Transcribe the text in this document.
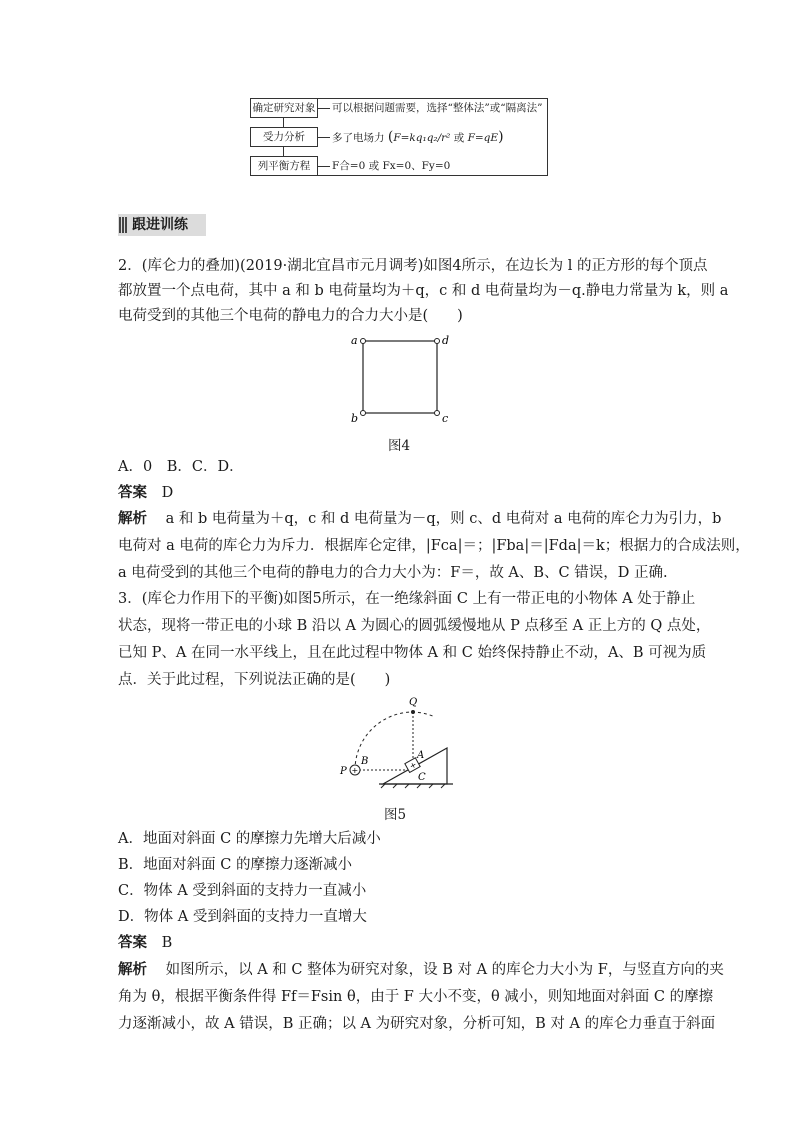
确定研究对象
受力分析
列平衡方程
可以根据问题需要，选择“整体法”或“隔离法”
多了电场力 (F=kq₁q₂/r² 或 F=qE)
F合=0 或 Fx=0、Fy=0
跟进训练
2．(库仑力的叠加)(2019·湖北宜昌市元月调考)如图4所示，在边长为 l 的正方形的每个顶点
都放置一个点电荷，其中 a 和 b 电荷量均为＋q，c 和 d 电荷量均为－q.静电力常量为 k，则 a
电荷受到的其他三个电荷的静电力的合力大小是(　　)
a	d
b	c
图4
A．0　B．C．D．
答案 D
解析 a 和 b 电荷量为＋q，c 和 d 电荷量为－q，则 c、d 电荷对 a 电荷的库仑力为引力，b
电荷对 a 电荷的库仑力为斥力．根据库仑定律，|Fca|＝；|Fba|＝|Fda|＝k；根据力的合成法则，
a 电荷受到的其他三个电荷的静电力的合力大小为：F＝，故 A、B、C 错误，D 正确.
3．(库仑力作用下的平衡)如图5所示，在一绝缘斜面 C 上有一带正电的小物体 A 处于静止
状态，现将一带正电的小球 B 沿以 A 为圆心的圆弧缓慢地从 P 点移至 A 正上方的 Q 点处，
已知 P、A 在同一水平线上，且在此过程中物体 A 和 C 始终保持静止不动，A、B 可视为质
点．关于此过程，下列说法正确的是(　　)
+
+
Q
P
B
A
C
图5
A．地面对斜面 C 的摩擦力先增大后减小
B．地面对斜面 C 的摩擦力逐渐减小
C．物体 A 受到斜面的支持力一直减小
D．物体 A 受到斜面的支持力一直增大
答案 B
解析 如图所示，以 A 和 C 整体为研究对象，设 B 对 A 的库仑力大小为 F，与竖直方向的夹
角为 θ，根据平衡条件得 Ff＝Fsin θ，由于 F 大小不变，θ 减小，则知地面对斜面 C 的摩擦
力逐渐减小，故 A 错误，B 正确；以 A 为研究对象，分析可知，B 对 A 的库仑力垂直于斜面
